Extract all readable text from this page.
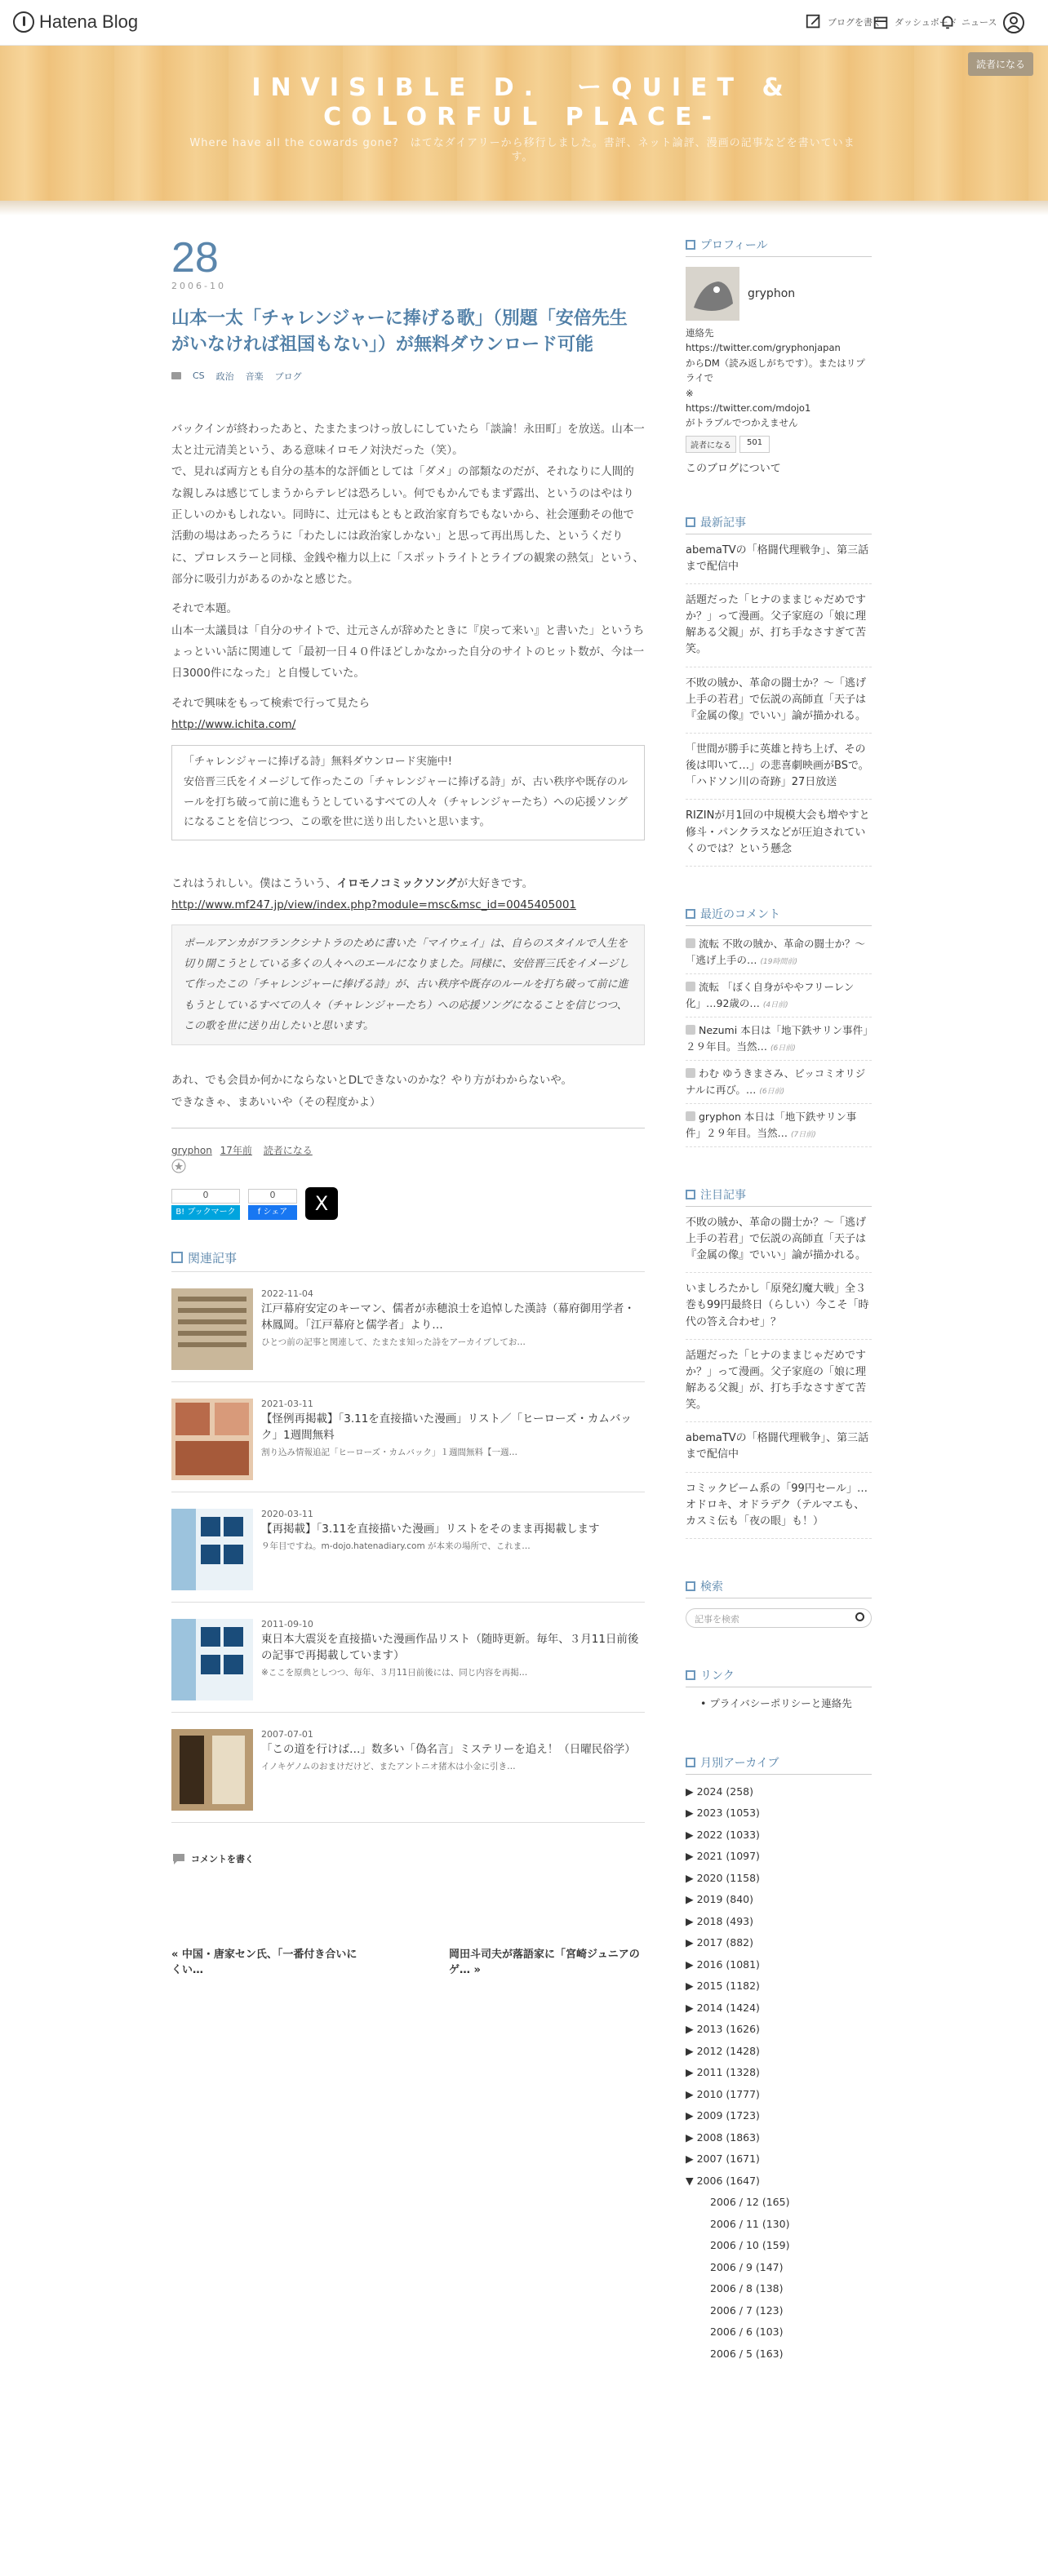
Hatena Blog	ブログを書く ダッシュボード ニュース
INVISIBLE D.　ーQUIET & COLORFUL PLACE-
Where have all the cowards gone?　はてなダイアリーから移行しました。書評、ネット論評、漫画の記事などを書いています。
読者になる
28
2006-10
山本一太「チャレンジャーに捧げる歌」（別題「安倍先生がいなければ祖国もない」）が無料ダウンロード可能
CS 政治 音楽 ブログ

バックインが終わったあと、たまたまつけっ放しにしていたら「談論！永田町」を放送。山本一太と辻元清美という、ある意味イロモノ対決だった（笑）。

で、見れば両方とも自分の基本的な評価としては「ダメ」の部類なのだが、それなりに人間的な親しみは感じてしまうからテレビは恐ろしい。何でもかんでもまず露出、というのはやはり正しいのかもしれない。同時に、辻元はもともと政治家育ちでもないから、社会運動その他で活動の場はあったろうに「わたしには政治家しかない」と思って再出馬した、というくだりに、プロレスラーと同様、金銭や権力以上に「スポットライトとライブの観衆の熱気」という、部分に吸引力があるのかなと感じた。

それで本題。

山本一太議員は「自分のサイトで、辻元さんが辞めたときに『戻って来い』と書いた」というちょっといい話に関連して「最初一日４０件ほどしかなかった自分のサイトのヒット数が、今は一日3000件になった」と自慢していた。

それで興味をもって検索で行って見たら

http://www.ichita.com/
「チャレンジャーに捧げる詩」無料ダウンロード実施中!
安倍晋三氏をイメージして作ったこの「チャレンジャーに捧げる詩」が、古い秩序や既存のルールを打ち破って前に進もうとしているすべての人々（チャレンジャーたち）への応援ソングになることを信じつつ、この歌を世に送り出したいと思います。

これはうれしい。僕はこういう、イロモノコミックソングが大好きです。

http://www.mf247.jp/view/index.php?module=msc&msc_id=0045405001
ポールアンカがフランクシナトラのために書いた「マイウェイ」は、自らのスタイルで人生を切り開こうとしている多くの人々へのエールになりました。同様に、安倍晋三氏をイメージして作ったこの「チャレンジャーに捧げる詩」が、古い秩序や既存のルールを打ち破って前に進もうとしているすべての人々（チャレンジャーたち）への応援ソングになることを信じつつ、この歌を世に送り出したいと思います。

あれ、でも会員か何かにならないとDLできないのかな？やり方がわからないや。

できなきゃ、まあいいや（その程度かよ）

gryphon 17年前 読者になる
0
B! ブックマーク
0
f シェア	X
関連記事
2022-11-04
江戸幕府安定のキーマン、儒者が赤穂浪士を追悼した漢詩（幕府御用学者・林鳳岡。「江戸幕府と儒学者」より…
ひとつ前の記事と関連して、たまたま知った詩をアーカイブしてお…
2021-03-11
【怪例再掲載】「3.11を直接描いた漫画」リスト／「ヒーローズ・カムバック」1週間無料
割り込み情報追記「ヒーローズ・カムバック」１週間無料【一週…
2020-03-11
【再掲載】「3.11を直接描いた漫画」リストをそのまま再掲載します
９年目ですね。m-dojo.hatenadiary.com が本来の場所で、これま…
2011-09-10
東日本大震災を直接描いた漫画作品リスト（随時更新。毎年、３月11日前後の記事で再掲載しています）
※ここを原典としつつ、毎年、３月11日前後には、同じ内容を再掲…
2007-07-01
「この道を行けば…」数多い「偽名言」ミステリーを追え！（日曜民俗学）
イノキゲノムのおまけだけど、またアントニオ猪木は小金に引き…
コメントを書く
« 中国・唐家セン氏、「一番付き合いにくい…
岡田斗司夫が落語家に「宮崎ジュニアのゲ… »
プロフィール
gryphon
連絡先
https://twitter.com/gryphonjapan
からDM（読み返しがちです）。またはリプライで
※
https://twitter.com/mdojo1
がトラブルでつかえません
読者になる	501
このブログについて
最新記事
abemaTVの「格闘代理戦争」、第三話まで配信中
話題だった「ヒナのままじゃだめですか？」って漫画。父子家庭の「娘に理解ある父親」が、打ち手なさすぎて苦笑。
不敗の賊か、革命の闘士か？～「逃げ上手の若君」で伝説の高師直「天子は『金属の像』でいい」論が描かれる。
「世間が勝手に英雄と持ち上げ、その後は叩いて…」の悲喜劇映画がBSで。「ハドソン川の奇跡」27日放送
RIZINが月1回の中規模大会も増やすと修斗・パンクラスなどが圧迫されていくのでは？という懸念
最近のコメント
流転 不敗の賊か、革命の闘士か？～「逃げ上手の… (19時間前)
流転 「ぼく自身がややフリーレン化」…92歳の… (4日前)
Nezumi 本日は「地下鉄サリン事件」２９年目。当然… (6日前)
わむ ゆうきまさみ、ビッコミオリジナルに再び。… (6日前)
gryphon 本日は「地下鉄サリン事件」２９年目。当然… (7日前)
注目記事
不敗の賊か、革命の闘士か？～「逃げ上手の若君」で伝説の高師直「天子は『金属の像』でいい」論が描かれる。
いましろたかし「原発幻魔大戦」全３巻も99円最終日（らしい）今こそ「時代の答え合わせ」？
話題だった「ヒナのままじゃだめですか？」って漫画。父子家庭の「娘に理解ある父親」が、打ち手なさすぎて苦笑。
abemaTVの「格闘代理戦争」、第三話まで配信中
コミックビーム系の「99円セール」…オドロキ、オドラデク（テルマエも、カスミ伝も「夜の眼」も！）
検索
記事を検索
リンク
• プライバシーポリシーと連絡先
月別アーカイブ
▶ 2024 (258)
▶ 2023 (1053)
▶ 2022 (1033)
▶ 2021 (1097)
▶ 2020 (1158)
▶ 2019 (840)
▶ 2018 (493)
▶ 2017 (882)
▶ 2016 (1081)
▶ 2015 (1182)
▶ 2014 (1424)
▶ 2013 (1626)
▶ 2012 (1428)
▶ 2011 (1328)
▶ 2010 (1777)
▶ 2009 (1723)
▶ 2008 (1863)
▶ 2007 (1671)
▼ 2006 (1647)
2006 / 12 (165)
2006 / 11 (130)
2006 / 10 (159)
2006 / 9 (147)
2006 / 8 (138)
2006 / 7 (123)
2006 / 6 (103)
2006 / 5 (163)
